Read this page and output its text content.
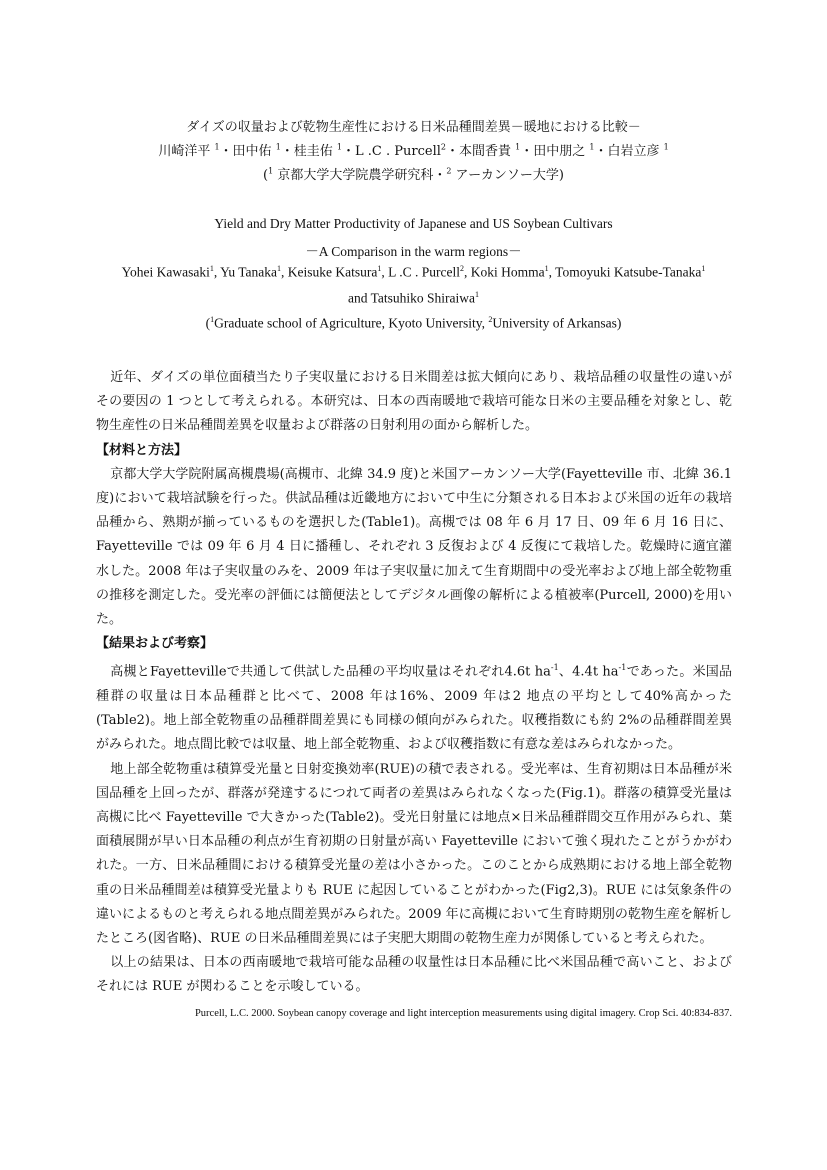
ダイズの収量および乾物生産性における日米品種間差異－暖地における比較－
川崎洋平 $^1$・田中佑 $^1$・桂圭佑 $^1$・L .C . Purcell$^2$・本間香貴 $^1$・田中朋之 $^1$・白岩立彦 $^1$
($^1$ 京都大学大学院農学研究科・$^2$ アーカンソー大学)
Yield and Dry Matter Productivity of Japanese and US Soybean Cultivars
－A Comparison in the warm regions－
Yohei Kawasaki$^1$, Yu Tanaka$^1$, Keisuke Katsura$^1$, L .C . Purcell$^2$, Koki Homma$^1$, Tomoyuki Katsube-Tanaka$^1$
and Tatsuhiko Shiraiwa$^1$
($^1$Graduate school of Agriculture, Kyoto University, $^2$University of Arkansas)

近年、ダイズの単位面積当たり子実収量における日米間差は拡大傾向にあり、栽培品種の収量性の違いがその要因の 1 つとして考えられる。本研究は、日本の西南暖地で栽培可能な日米の主要品種を対象とし、乾物生産性の日米品種間差異を収量および群落の日射利用の面から解析した。

【材料と方法】

京都大学大学院附属高槻農場(高槻市、北緯 34.9 度)と米国アーカンソー大学(Fayetteville 市、北緯 36.1 度)において栽培試験を行った。供試品種は近畿地方において中生に分類される日本および米国の近年の栽培品種から、熟期が揃っているものを選択した(Table1)。高槻では 08 年 6 月 17 日、09 年 6 月 16 日に、Fayetteville では 09 年 6 月 4 日に播種し、それぞれ 3 反復および 4 反復にて栽培した。乾燥時に適宜灌水した。2008 年は子実収量のみを、2009 年は子実収量に加えて生育期間中の受光率および地上部全乾物重の推移を測定した。受光率の評価には簡便法としてデジタル画像の解析による植被率(Purcell, 2000)を用いた。

【結果および考察】

高槻とFayettevilleで共通して供試した品種の平均収量はそれぞれ4.6t $ha^{-1}$、4.4t $ha^{-1}$であった。米国品種群の収量は日本品種群と比べて、2008 年は16%、2009 年は2 地点の平均として40%高かった(Table2)。地上部全乾物重の品種群間差異にも同様の傾向がみられた。収穫指数にも約 2%の品種群間差異がみられた。地点間比較では収量、地上部全乾物重、および収穫指数に有意な差はみられなかった。

地上部全乾物重は積算受光量と日射変換効率(RUE)の積で表される。受光率は、生育初期は日本品種が米国品種を上回ったが、群落が発達するにつれて両者の差異はみられなくなった(Fig.1)。群落の積算受光量は高槻に比べ Fayetteville で大きかった(Table2)。受光日射量には地点×日米品種群間交互作用がみられ、葉面積展開が早い日本品種の利点が生育初期の日射量が高い Fayetteville において強く現れたことがうかがわれた。一方、日米品種間における積算受光量の差は小さかった。このことから成熟期における地上部全乾物重の日米品種間差は積算受光量よりも RUE に起因していることがわかった(Fig2,3)。RUE には気象条件の違いによるものと考えられる地点間差異がみられた。2009 年に高槻において生育時期別の乾物生産を解析したところ(図省略)、RUE の日米品種間差異には子実肥大期間の乾物生産力が関係していると考えられた。

以上の結果は、日本の西南暖地で栽培可能な品種の収量性は日本品種に比べ米国品種で高いこと、およびそれには RUE が関わることを示唆している。

Purcell, L.C. 2000. Soybean canopy coverage and light interception measurements using digital imagery. Crop Sci. 40:834-837.
